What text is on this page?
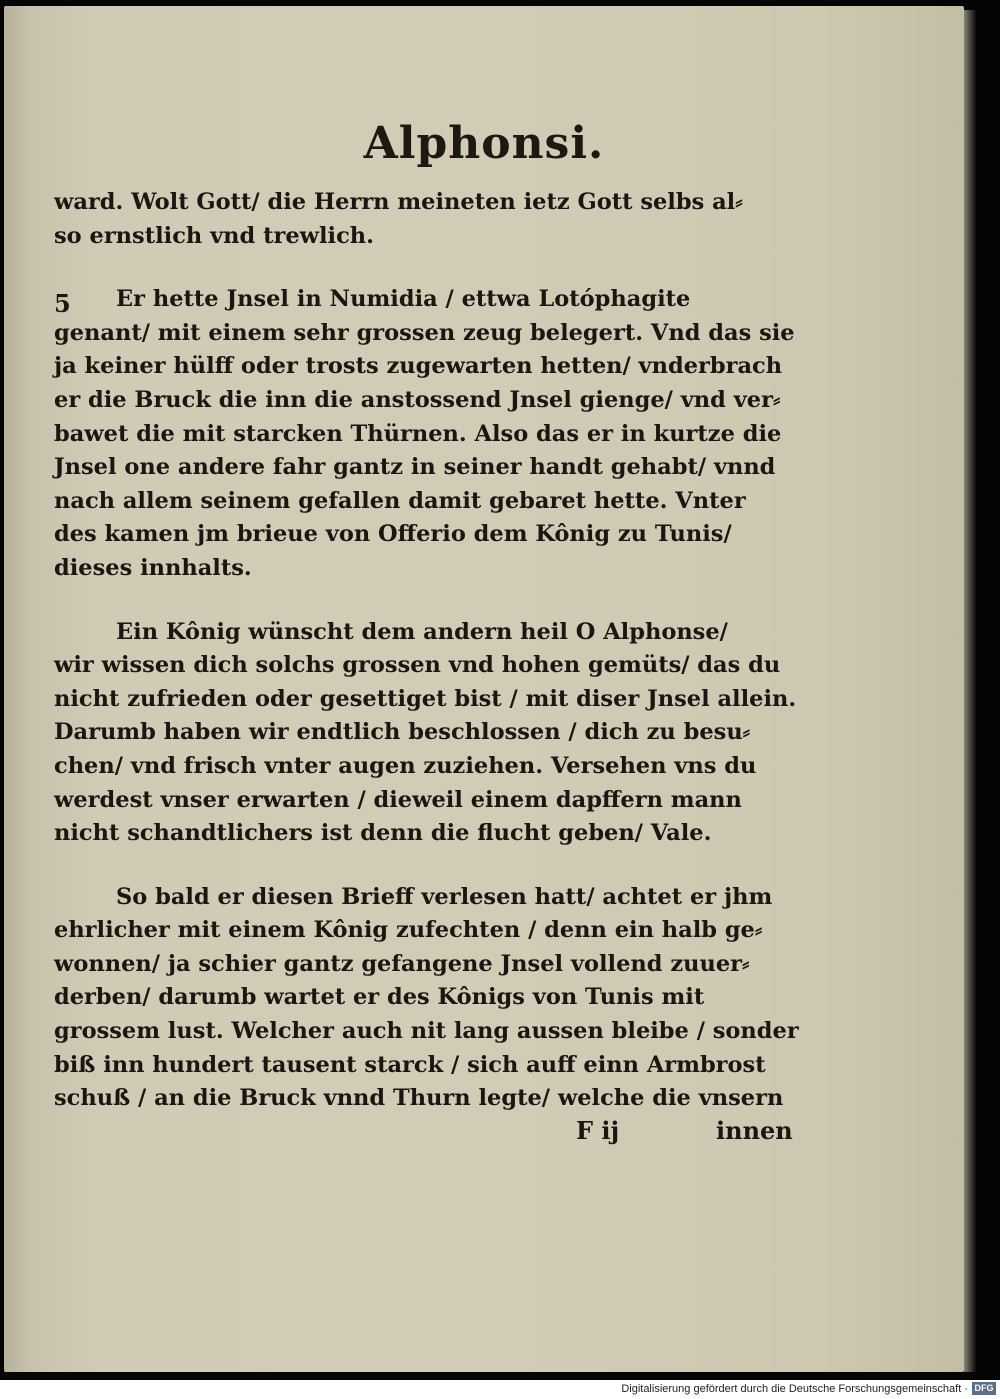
Alphonsi.
5
ward. Wolt Gott/ die Herrn meineten ietz Gott selbs al⸗
so ernstlich vnd trewlich.
Er hette Jnsel in Numidia / ettwa Lotóphagite
genant/ mit einem sehr grossen zeug belegert. Vnd das sie
ja keiner hülff oder trosts zugewarten hetten/ vnderbrach
er die Bruck die inn die anstossend Jnsel gienge/ vnd ver⸗
bawet die mit starcken Thürnen. Also das er in kurtze die
Jnsel one andere fahr gantz in seiner handt gehabt/ vnnd
nach allem seinem gefallen damit gebaret hette. Vnter
des kamen jm brieue von Offerio dem Kônig zu Tunis/
dieses innhalts.
Ein Kônig wünscht dem andern heil O Alphonse/
wir wissen dich solchs grossen vnd hohen gemüts/ das du
nicht zufrieden oder gesettiget bist / mit diser Jnsel allein.
Darumb haben wir endtlich beschlossen / dich zu besu⸗
chen/ vnd frisch vnter augen zuziehen. Versehen vns du
werdest vnser erwarten / dieweil einem dapffern mann
nicht schandtlichers ist denn die flucht geben/ Vale.
So bald er diesen Brieff verlesen hatt/ achtet er jhm
ehrlicher mit einem Kônig zufechten / denn ein halb ge⸗
wonnen/ ja schier gantz gefangene Jnsel vollend zuuer⸗
derben/ darumb wartet er des Kônigs von Tunis mit
grossem lust. Welcher auch nit lang aussen bleibe / sonder
biß inn hundert tausent starck / sich auff einn Armbrost
schuß / an die Bruck vnnd Thurn legte/ welche die vnsern
F ij	innen
Digitalisierung gefördert durch die Deutsche Forschungsgemeinschaft · DFG
